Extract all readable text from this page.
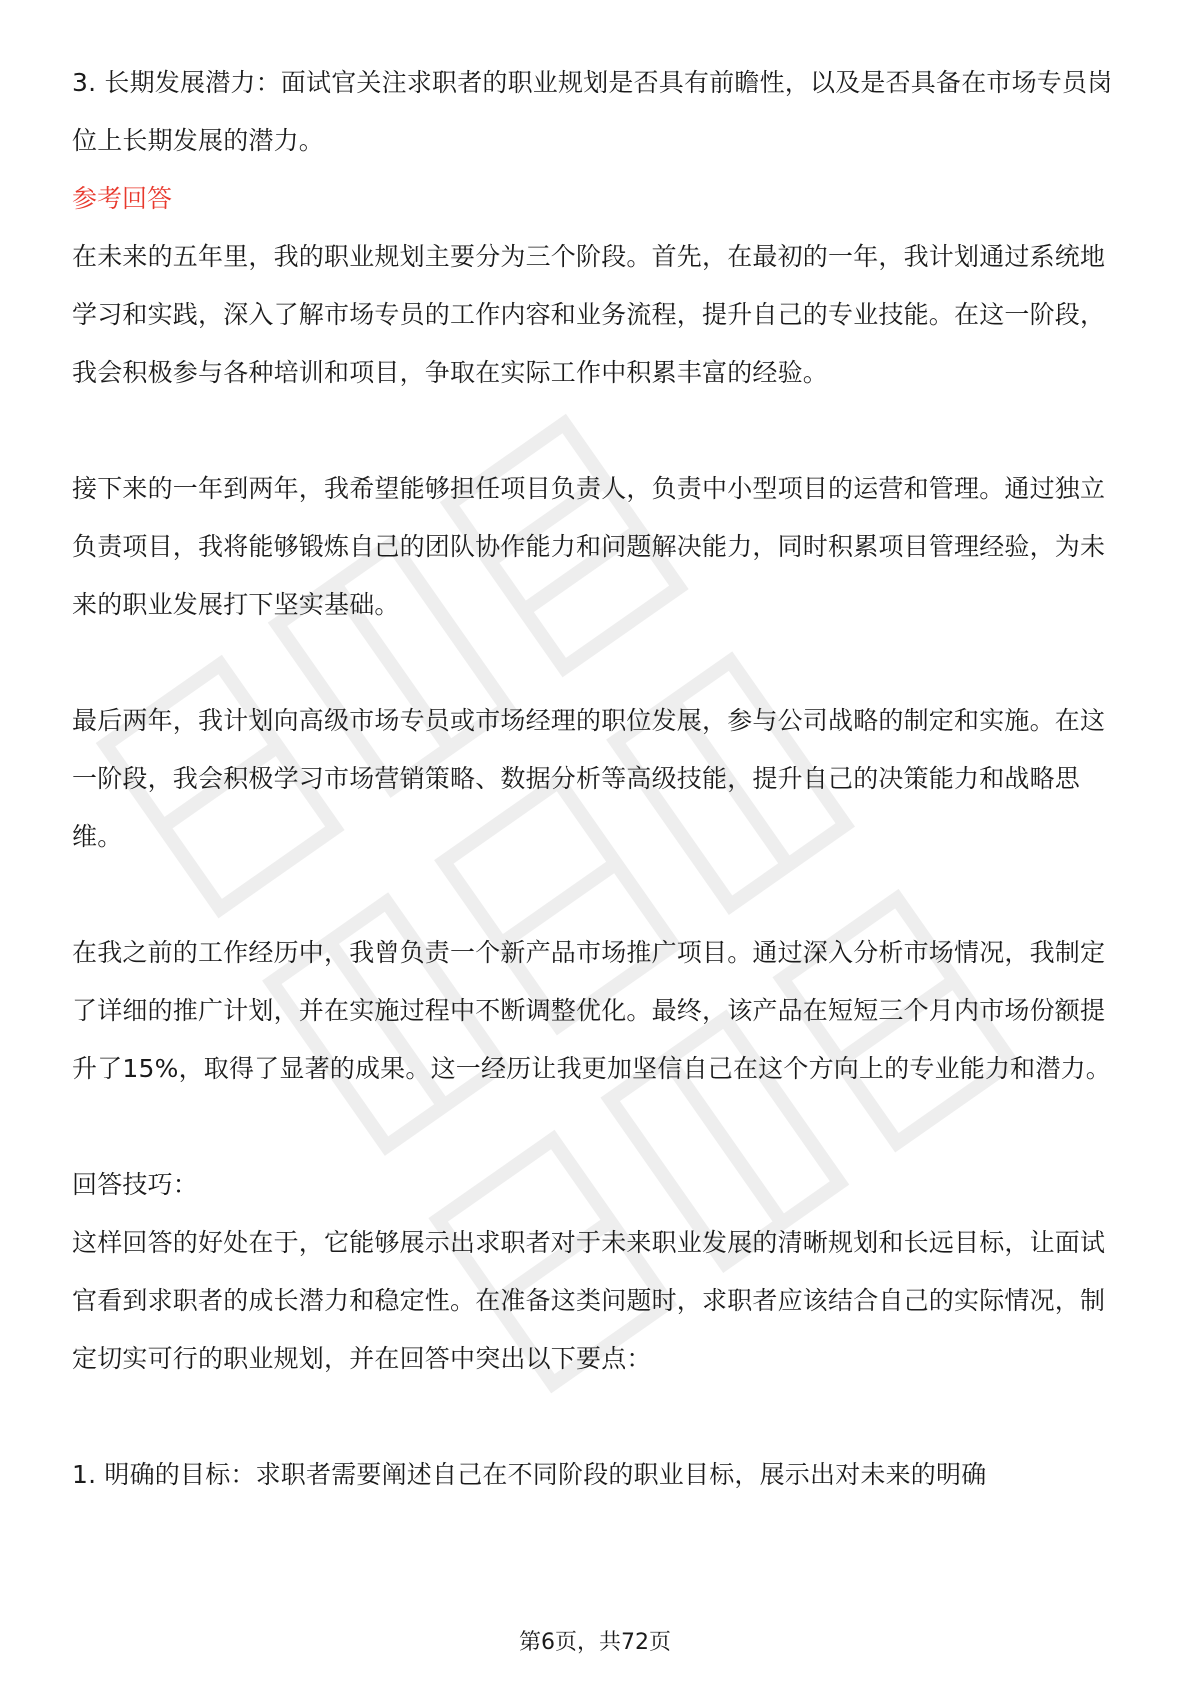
3. 长期发展潜力：面试官关注求职者的职业规划是否具有前瞻性，以及是否具备在市场专员岗位上长期发展的潜力。

参考回答

在未来的五年里，我的职业规划主要分为三个阶段。首先，在最初的一年，我计划通过系统地学习和实践，深入了解市场专员的工作内容和业务流程，提升自己的专业技能。在这一阶段，我会积极参与各种培训和项目，争取在实际工作中积累丰富的经验。

接下来的一年到两年，我希望能够担任项目负责人，负责中小型项目的运营和管理。通过独立负责项目，我将能够锻炼自己的团队协作能力和问题解决能力，同时积累项目管理经验，为未来的职业发展打下坚实基础。

最后两年，我计划向高级市场专员或市场经理的职位发展，参与公司战略的制定和实施。在这一阶段，我会积极学习市场营销策略、数据分析等高级技能，提升自己的决策能力和战略思维。

在我之前的工作经历中，我曾负责一个新产品市场推广项目。通过深入分析市场情况，我制定了详细的推广计划，并在实施过程中不断调整优化。最终，该产品在短短三个月内市场份额提升了15%，取得了显著的成果。这一经历让我更加坚信自己在这个方向上的专业能力和潜力。

回答技巧：

这样回答的好处在于，它能够展示出求职者对于未来职业发展的清晰规划和长远目标，让面试官看到求职者的成长潜力和稳定性。在准备这类问题时，求职者应该结合自己的实际情况，制定切实可行的职业规划，并在回答中突出以下要点：

1. 明确的目标：求职者需要阐述自己在不同阶段的职业目标，展示出对未来的明确

第6页，共72页
